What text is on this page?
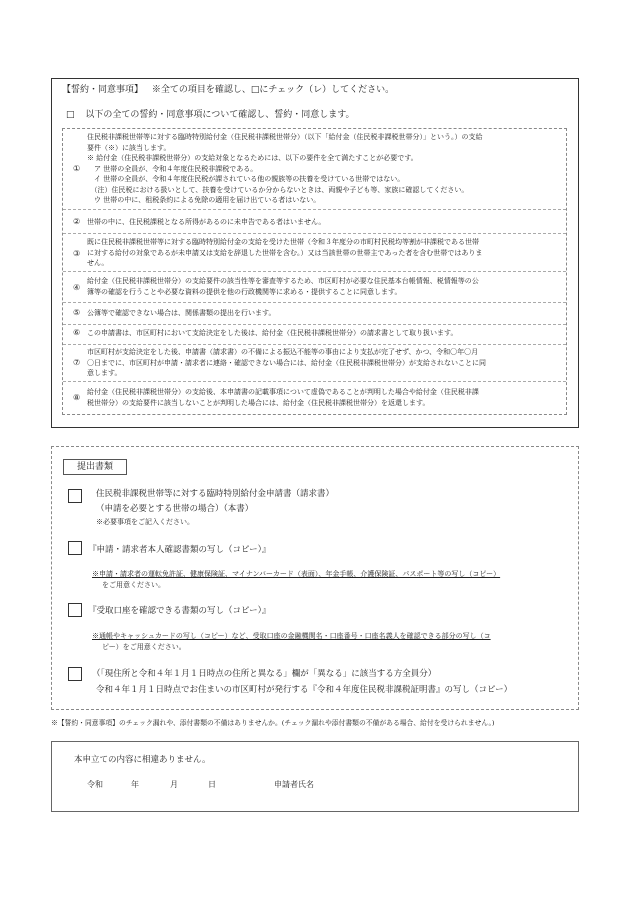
【誓約・同意事項】 ※全ての項目を確認し、□にチェック（レ）してください。
□ 以下の全ての誓約・同意事項について確認し、誓約・同意します。
①
住民税非課税世帯等に対する臨時特別給付金（住民税非課税世帯分）（以下「給付金（住民税非課税世帯分）」という。）の支給
要件（※）に該当します。
※ 給付金（住民税非課税世帯分）の支給対象となるためには、以下の要件を全て満たすことが必要です。
　ア 世帯の全員が、令和４年度住民税非課税である。
　イ 世帯の全員が、令和４年度住民税が課されている他の親族等の扶養を受けている世帯ではない。
　（注）住民税における扱いとして、扶養を受けているか分からないときは、両親や子ども等、家族に確認してください。
　ウ 世帯の中に、租税条約による免除の適用を届け出ている者はいない。
② 世帯の中に、住民税課税となる所得があるのに未申告である者はいません。
③
既に住民税非課税世帯等に対する臨時特別給付金の支給を受けた世帯（令和３年度分の市町村民税均等割が非課税である世帯
に対する給付の対象であるが未申請又は支給を辞退した世帯を含む。）又は当該世帯の世帯主であった者を含む世帯ではありま
せん。
④
給付金（住民税非課税世帯分）の支給要件の該当性等を審査等するため、市区町村が必要な住民基本台帳情報、税情報等の公
簿等の確認を行うことや必要な資料の提供を他の行政機関等に求める・提供することに同意します。
⑤ 公簿等で確認できない場合は、関係書類の提出を行います。
⑥ この申請書は、市区町村において支給決定をした後は、給付金（住民税非課税世帯分）の請求書として取り扱います。
⑦
市区町村が支給決定をした後、申請書（請求書）の不備による振込不能等の事由により支払が完了せず、かつ、令和〇年〇月
〇日までに、市区町村が申請・請求者に連絡・確認できない場合には、給付金（住民税非課税世帯分）が支給されないことに同
意します。
⑧
給付金（住民税非課税世帯分）の支給後、本申請書の記載事項について虚偽であることが判明した場合や給付金（住民税非課
税世帯分）の支給要件に該当しないことが判明した場合には、給付金（住民税非課税世帯分）を返還します。
提出書類
住民税非課税世帯等に対する臨時特別給付金申請書（請求書）
（申請を必要とする世帯の場合）（本書）
※必要事項をご記入ください。
『申請・請求者本人確認書類の写し（コピー）』
※申請・請求者の運転免許証、健康保険証、マイナンバーカード（表面）、年金手帳、介護保険証、パスポート等の写し（コピー）
をご用意ください。
『受取口座を確認できる書類の写し（コピー）』
※通帳やキャッシュカードの写し（コピー）など、受取口座の金融機関名・口座番号・口座名義人を確認できる部分の写し（コ
ピー）をご用意ください。
（「現住所と令和４年１月１日時点の住所と異なる」欄が「異なる」に該当する方全員分）
令和４年１月１日時点でお住まいの市区町村が発行する『令和４年度住民税非課税証明書』の写し（コピー）
※【誓約・同意事項】のチェック漏れや、添付書類の不備はありませんか。(チェック漏れや添付書類の不備がある場合、給付を受けられません。)
本申立ての内容に相違ありません。
令和	年	月	日	申請者氏名
